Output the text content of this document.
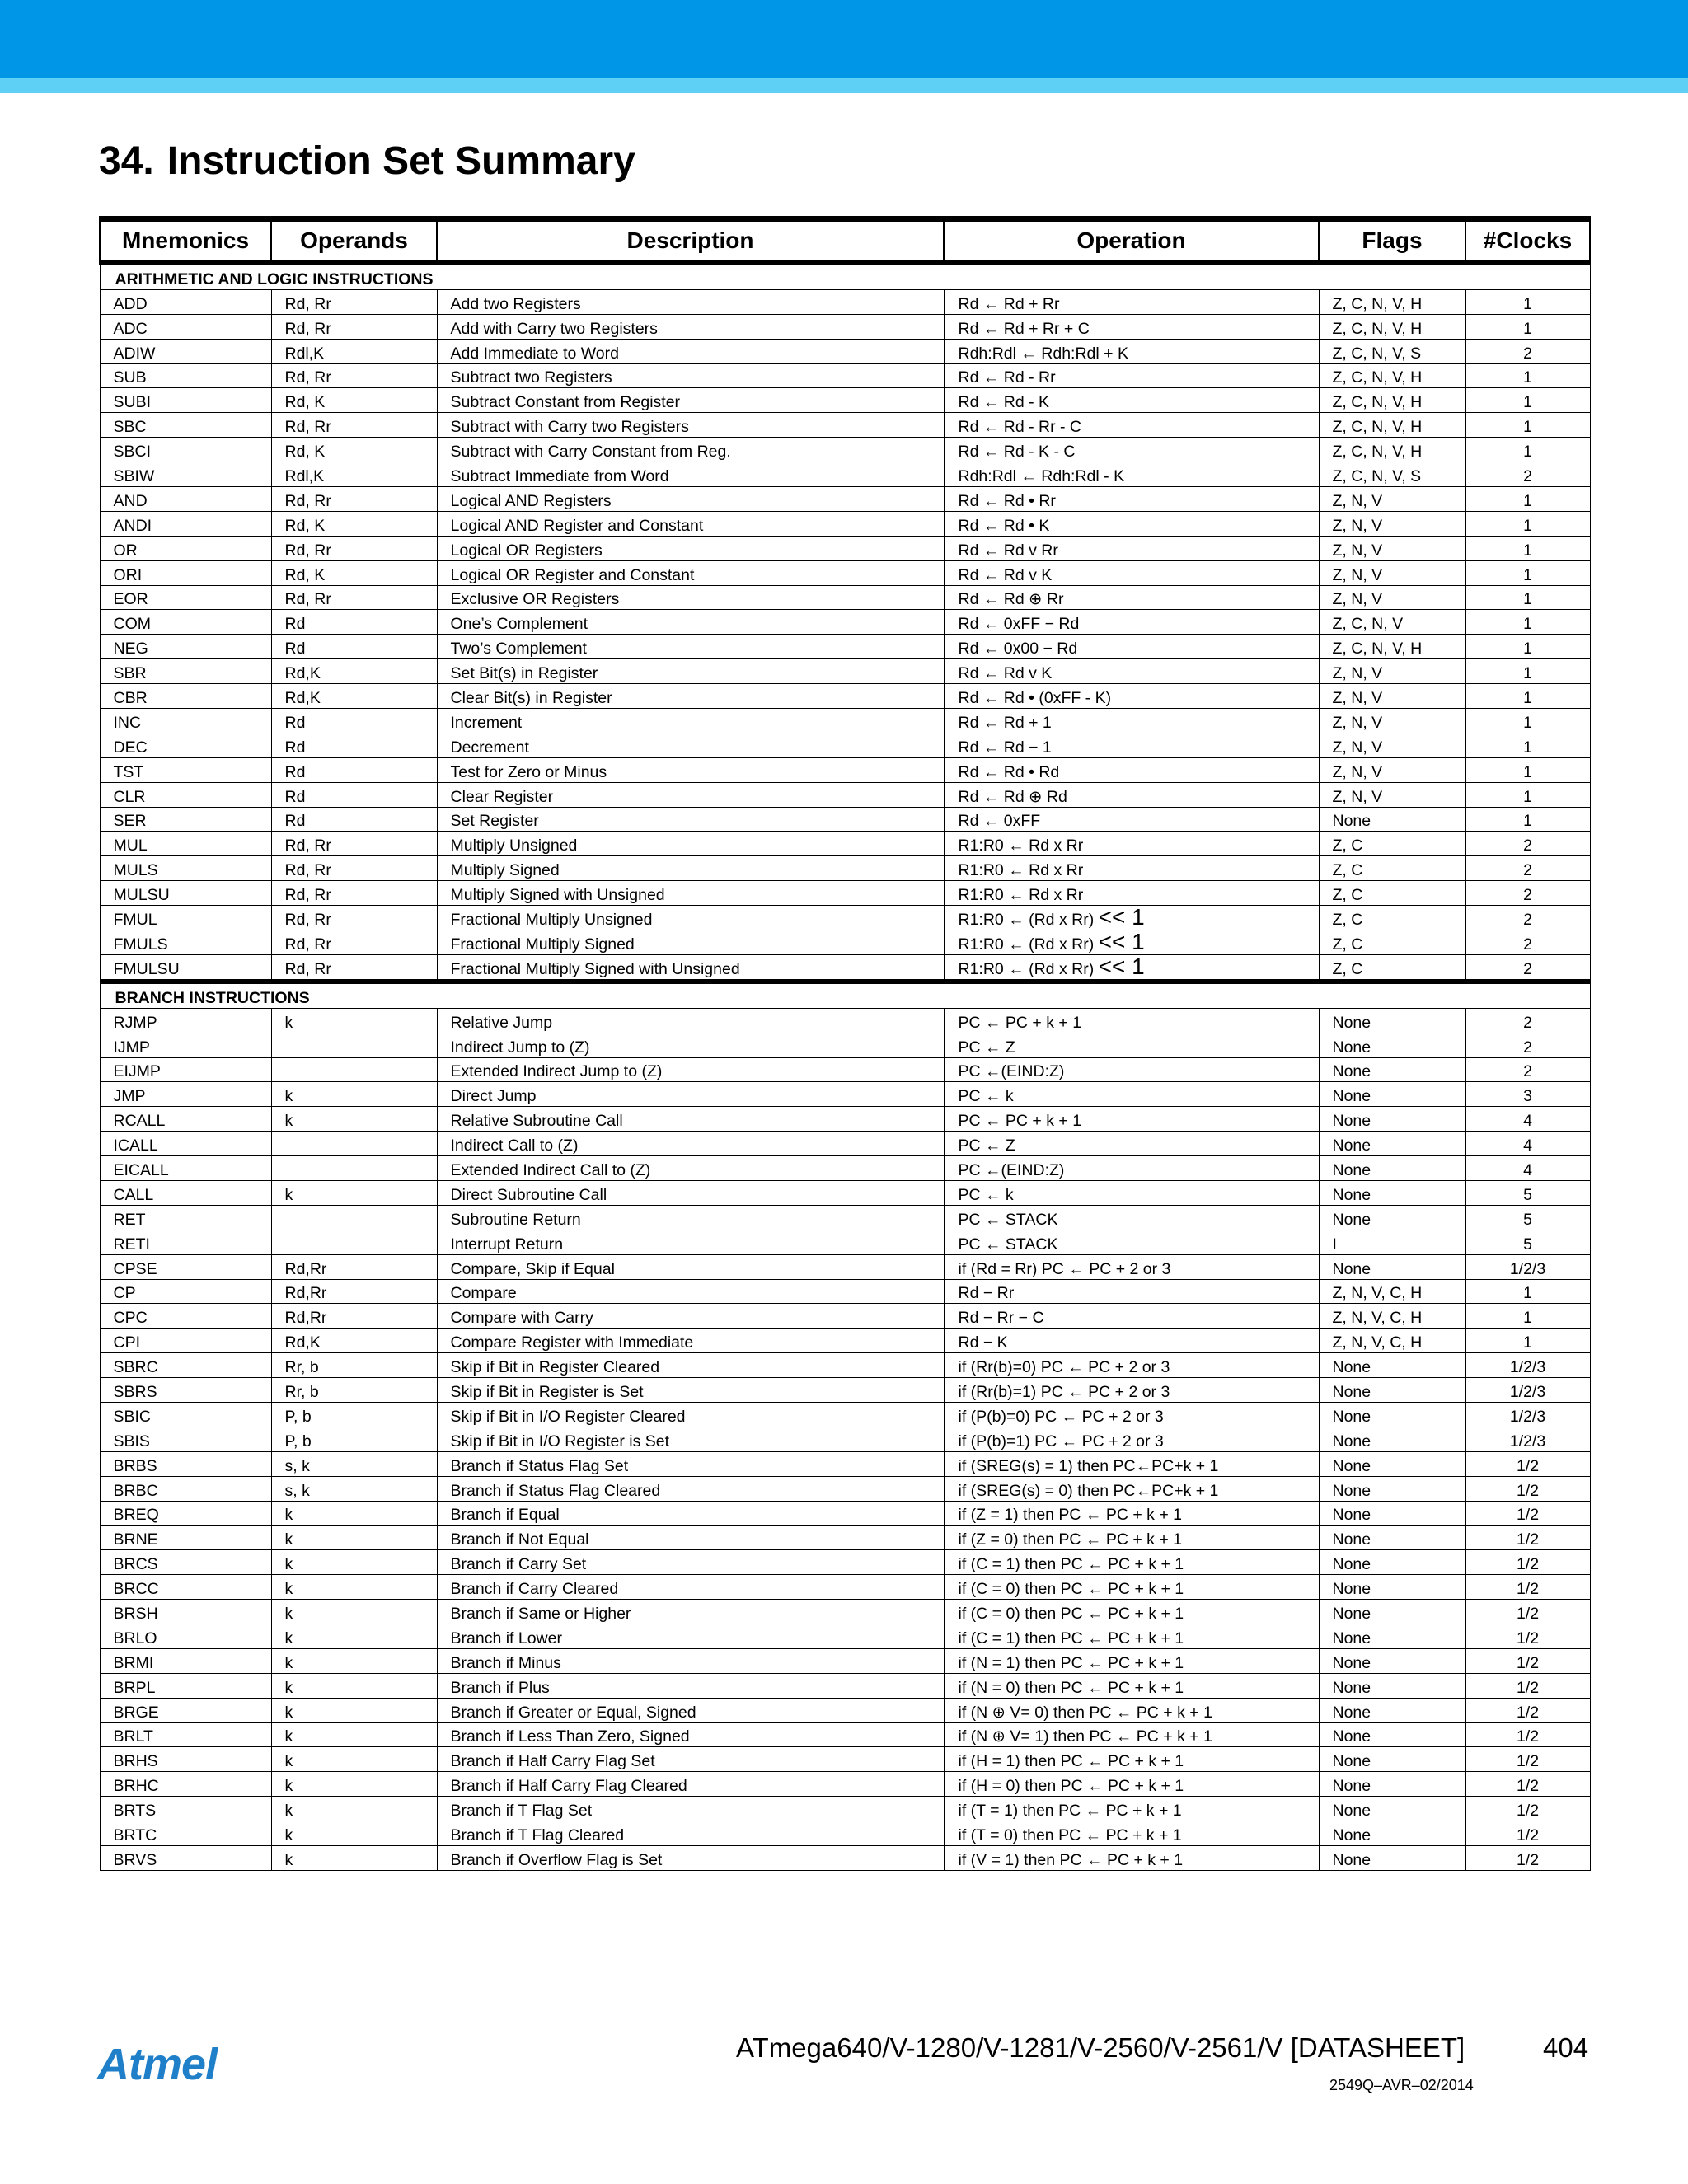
34. Instruction Set Summary
Mnemonics	Operands	Description	Operation	Flags	#Clocks
ARITHMETIC AND LOGIC INSTRUCTIONS					
ADD	Rd, Rr	Add two Registers	Rd ← Rd + Rr	Z, C, N, V, H	1
ADC	Rd, Rr	Add with Carry two Registers	Rd ← Rd + Rr + C	Z, C, N, V, H	1
ADIW	Rdl,K	Add Immediate to Word	Rdh:Rdl ← Rdh:Rdl + K	Z, C, N, V, S	2
SUB	Rd, Rr	Subtract two Registers	Rd ← Rd - Rr	Z, C, N, V, H	1
SUBI	Rd, K	Subtract Constant from Register	Rd ← Rd - K	Z, C, N, V, H	1
SBC	Rd, Rr	Subtract with Carry two Registers	Rd ← Rd - Rr - C	Z, C, N, V, H	1
SBCI	Rd, K	Subtract with Carry Constant from Reg.	Rd ← Rd - K - C	Z, C, N, V, H	1
SBIW	Rdl,K	Subtract Immediate from Word	Rdh:Rdl ← Rdh:Rdl - K	Z, C, N, V, S	2
AND	Rd, Rr	Logical AND Registers	Rd ← Rd • Rr	Z, N, V	1
ANDI	Rd, K	Logical AND Register and Constant	Rd ← Rd • K	Z, N, V	1
OR	Rd, Rr	Logical OR Registers	Rd ← Rd v Rr	Z, N, V	1
ORI	Rd, K	Logical OR Register and Constant	Rd ← Rd v K	Z, N, V	1
EOR	Rd, Rr	Exclusive OR Registers	Rd ← Rd ⊕ Rr	Z, N, V	1
COM	Rd	One’s Complement	Rd ← 0xFF − Rd	Z, C, N, V	1
NEG	Rd	Two’s Complement	Rd ← 0x00 − Rd	Z, C, N, V, H	1
SBR	Rd,K	Set Bit(s) in Register	Rd ← Rd v K	Z, N, V	1
CBR	Rd,K	Clear Bit(s) in Register	Rd ← Rd • (0xFF - K)	Z, N, V	1
INC	Rd	Increment	Rd ← Rd + 1	Z, N, V	1
DEC	Rd	Decrement	Rd ← Rd − 1	Z, N, V	1
TST	Rd	Test for Zero or Minus	Rd ← Rd • Rd	Z, N, V	1
CLR	Rd	Clear Register	Rd ← Rd ⊕ Rd	Z, N, V	1
SER	Rd	Set Register	Rd ← 0xFF	None	1
MUL	Rd, Rr	Multiply Unsigned	R1:R0 ← Rd x Rr	Z, C	2
MULS	Rd, Rr	Multiply Signed	R1:R0 ← Rd x Rr	Z, C	2
MULSU	Rd, Rr	Multiply Signed with Unsigned	R1:R0 ← Rd x Rr	Z, C	2
FMUL	Rd, Rr	Fractional Multiply Unsigned	R1:R0 ← (Rd x Rr) << 1	Z, C	2
FMULS	Rd, Rr	Fractional Multiply Signed	R1:R0 ← (Rd x Rr) << 1	Z, C	2
FMULSU	Rd, Rr	Fractional Multiply Signed with Unsigned	R1:R0 ← (Rd x Rr) << 1	Z, C	2
BRANCH INSTRUCTIONS					
RJMP	k	Relative Jump	PC ← PC + k + 1	None	2
IJMP		Indirect Jump to (Z)	PC ← Z	None	2
EIJMP		Extended Indirect Jump to (Z)	PC ←(EIND:Z)	None	2
JMP	k	Direct Jump	PC ← k	None	3
RCALL	k	Relative Subroutine Call	PC ← PC + k + 1	None	4
ICALL		Indirect Call to (Z)	PC ← Z	None	4
EICALL		Extended Indirect Call to (Z)	PC ←(EIND:Z)	None	4
CALL	k	Direct Subroutine Call	PC ← k	None	5
RET		Subroutine Return	PC ← STACK	None	5
RETI		Interrupt Return	PC ← STACK	I	5
CPSE	Rd,Rr	Compare, Skip if Equal	if (Rd = Rr) PC ← PC + 2 or 3	None	1/2/3
CP	Rd,Rr	Compare	Rd − Rr	Z, N, V, C, H	1
CPC	Rd,Rr	Compare with Carry	Rd − Rr − C	Z, N, V, C, H	1
CPI	Rd,K	Compare Register with Immediate	Rd − K	Z, N, V, C, H	1
SBRC	Rr, b	Skip if Bit in Register Cleared	if (Rr(b)=0) PC ← PC + 2 or 3	None	1/2/3
SBRS	Rr, b	Skip if Bit in Register is Set	if (Rr(b)=1) PC ← PC + 2 or 3	None	1/2/3
SBIC	P, b	Skip if Bit in I/O Register Cleared	if (P(b)=0) PC ← PC + 2 or 3	None	1/2/3
SBIS	P, b	Skip if Bit in I/O Register is Set	if (P(b)=1) PC ← PC + 2 or 3	None	1/2/3
BRBS	s, k	Branch if Status Flag Set	if (SREG(s) = 1) then PC←PC+k + 1	None	1/2
BRBC	s, k	Branch if Status Flag Cleared	if (SREG(s) = 0) then PC←PC+k + 1	None	1/2
BREQ	k	Branch if Equal	if (Z = 1) then PC ← PC + k + 1	None	1/2
BRNE	k	Branch if Not Equal	if (Z = 0) then PC ← PC + k + 1	None	1/2
BRCS	k	Branch if Carry Set	if (C = 1) then PC ← PC + k + 1	None	1/2
BRCC	k	Branch if Carry Cleared	if (C = 0) then PC ← PC + k + 1	None	1/2
BRSH	k	Branch if Same or Higher	if (C = 0) then PC ← PC + k + 1	None	1/2
BRLO	k	Branch if Lower	if (C = 1) then PC ← PC + k + 1	None	1/2
BRMI	k	Branch if Minus	if (N = 1) then PC ← PC + k + 1	None	1/2
BRPL	k	Branch if Plus	if (N = 0) then PC ← PC + k + 1	None	1/2
BRGE	k	Branch if Greater or Equal, Signed	if (N ⊕ V= 0) then PC ← PC + k + 1	None	1/2
BRLT	k	Branch if Less Than Zero, Signed	if (N ⊕ V= 1) then PC ← PC + k + 1	None	1/2
BRHS	k	Branch if Half Carry Flag Set	if (H = 1) then PC ← PC + k + 1	None	1/2
BRHC	k	Branch if Half Carry Flag Cleared	if (H = 0) then PC ← PC + k + 1	None	1/2
BRTS	k	Branch if T Flag Set	if (T = 1) then PC ← PC + k + 1	None	1/2
BRTC	k	Branch if T Flag Cleared	if (T = 0) then PC ← PC + k + 1	None	1/2
BRVS	k	Branch if Overflow Flag is Set	if (V = 1) then PC ← PC + k + 1	None	1/2
Atmel	ATmega640/V-1280/V-1281/V-2560/V-2561/V [DATASHEET]	404
2549Q–AVR–02/2014
